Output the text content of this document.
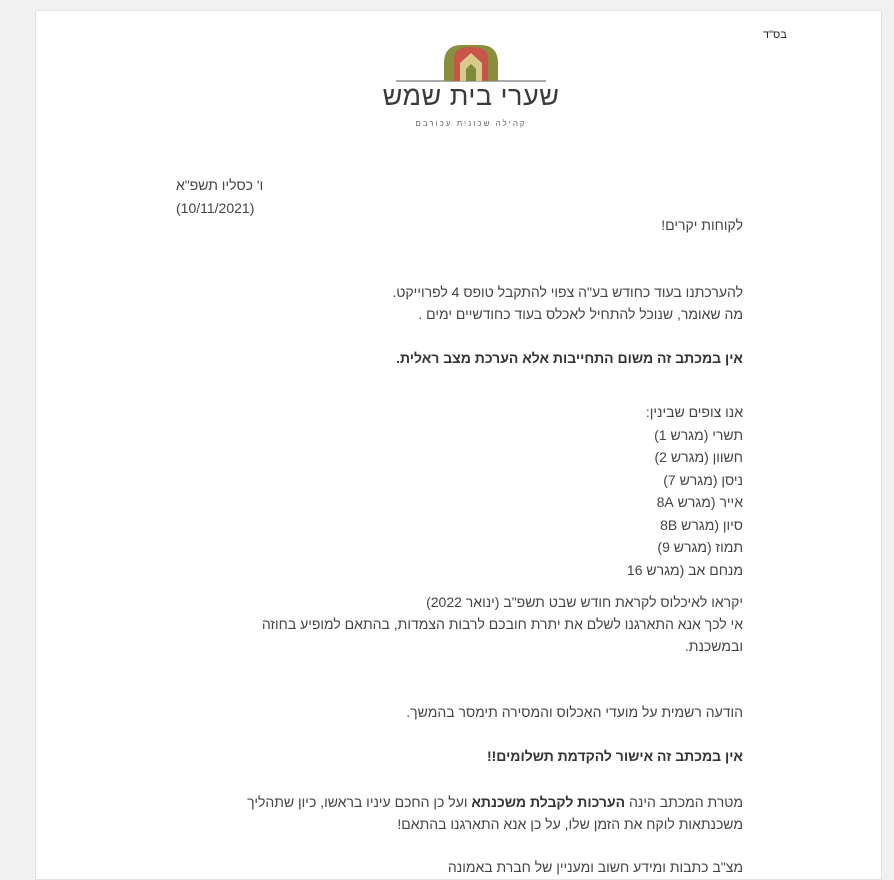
בס"ד
שערי בית שמש
קהילה שכונית עכורבם
ו' כסליו תשפ"א
(10/11/2021)
לקוחות יקרים!
להערכתנו בעוד כחודש בע"ה צפוי להתקבל טופס 4 לפרוייקט.
מה שאומר, שנוכל להתחיל לאכלס בעוד כחודשיים ימים .
אין במכתב זה משום התחייבות אלא הערכת מצב ראלית.
אנו צופים שבינין:
תשרי (מגרש 1)
חשוון (מגרש 2)
ניסן (מגרש 7)
אייר (מגרש 8A
סיון (מגרש 8B
תמוז (מגרש 9)
מנחם אב (מגרש 16
יקראו לאיכלוס לקראת חודש שבט תשפ"ב (ינואר 2022)
אי לכך אנא התארגנו לשלם את יתרת חובכם לרבות הצמדות, בהתאם למופיע בחוזה
ובמשכנת.
הודעה רשמית על מועדי האכלוס והמסירה תימסר בהמשך.
אין במכתב זה אישור להקדמת תשלומים!!
מטרת המכתב הינה הערכות לקבלת משכנתא ועל כן החכם עיניו בראשו, כיון שתהליך
משכנתאות לוקח את הזמן שלו, על כן אנא התארגנו בהתאם!
מצ"ב כתבות ומידע חשוב ומעניין של חברת באמונה
